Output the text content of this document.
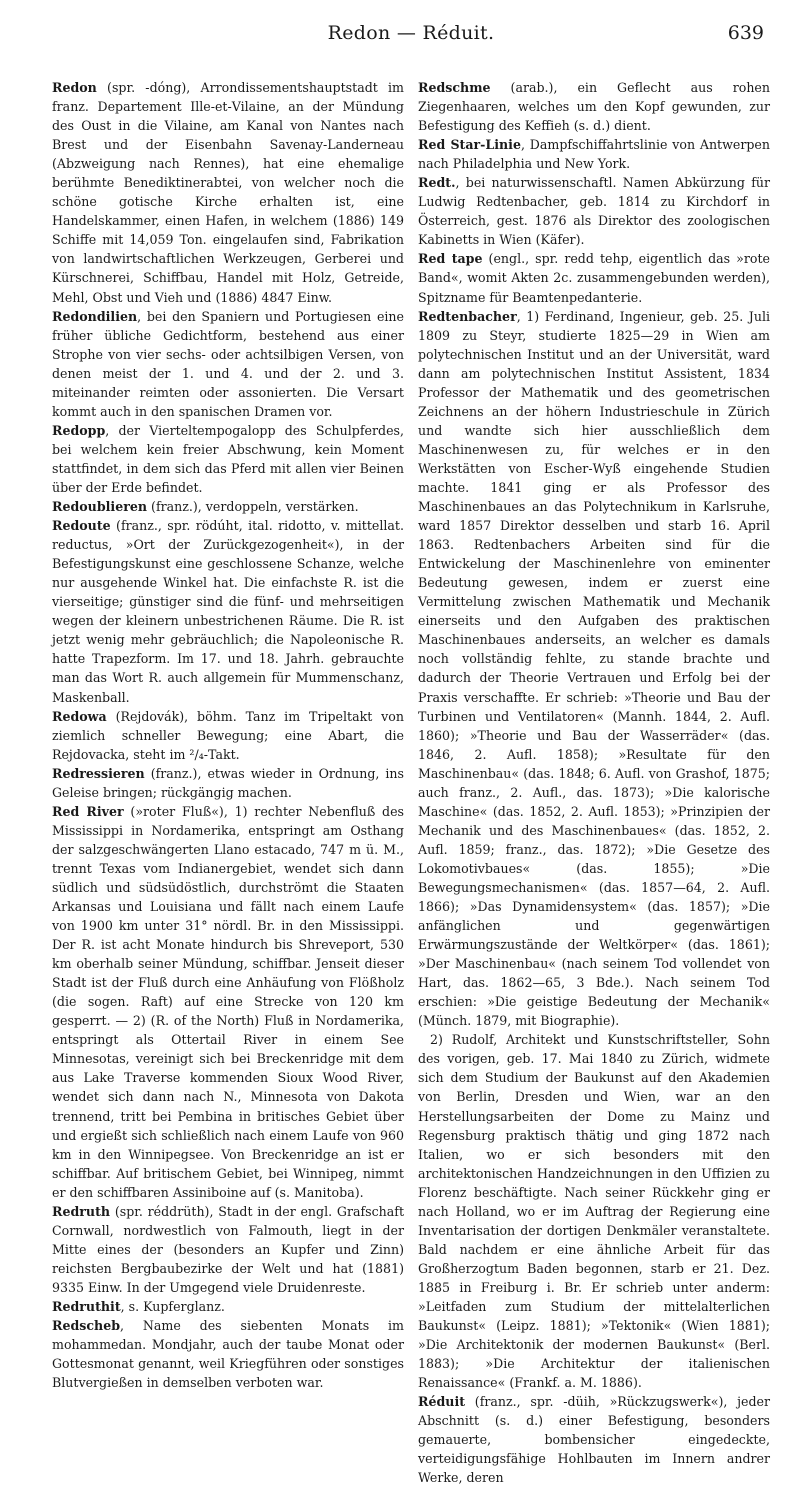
Redon — Réduit.	639

Redon (spr. ‑dóng), Arrondissementshauptstadt im franz. Departement Ille‑et‑Vilaine, an der Mündung des Oust in die Vilaine, am Kanal von Nantes nach Brest und der Eisenbahn Savenay‑Landerneau (Abzweigung nach Rennes), hat eine ehemalige berühmte Benediktinerabtei, von welcher noch die schöne gotische Kirche erhalten ist, eine Handelskammer, einen Hafen, in welchem (1886) 149 Schiffe mit 14,059 Ton. eingelaufen sind, Fabrikation von landwirtschaftlichen Werkzeugen, Gerberei und Kürschnerei, Schiffbau, Handel mit Holz, Getreide, Mehl, Obst und Vieh und (1886) 4847 Einw.

Redondilien, bei den Spaniern und Portugiesen eine früher übliche Gedichtform, bestehend aus einer Strophe von vier sechs‑ oder achtsilbigen Versen, von denen meist der 1. und 4. und der 2. und 3. miteinander reimten oder assonierten. Die Versart kommt auch in den spanischen Dramen vor.

Redopp, der Vierteltempogalopp des Schulpferdes, bei welchem kein freier Abschwung, kein Moment stattfindet, in dem sich das Pferd mit allen vier Beinen über der Erde befindet.

Redoublieren (franz.), verdoppeln, verstärken.

Redoute (franz., spr. rödúht, ital. ridotto, v. mittellat. reductus, »Ort der Zurückgezogenheit«), in der Befestigungskunst eine geschlossene Schanze, welche nur ausgehende Winkel hat. Die einfachste R. ist die vierseitige; günstiger sind die fünf‑ und mehrseitigen wegen der kleinern unbestrichenen Räume. Die R. ist jetzt wenig mehr gebräuchlich; die Napoleonische R. hatte Trapezform. Im 17. und 18. Jahrh. gebrauchte man das Wort R. auch allgemein für Mummenschanz, Maskenball.

Redowa (Rejdovák), böhm. Tanz im Tripeltakt von ziemlich schneller Bewegung; eine Abart, die Rejdovacka, steht im ²/₄‑Takt.

Redressieren (franz.), etwas wieder in Ordnung, ins Geleise bringen; rückgängig machen.

Red River (»roter Fluß«), 1) rechter Nebenfluß des Mississippi in Nordamerika, entspringt am Osthang der salzgeschwängerten Llano estacado, 747 m ü. M., trennt Texas vom Indianergebiet, wendet sich dann südlich und südsüdöstlich, durchströmt die Staaten Arkansas und Louisiana und fällt nach einem Laufe von 1900 km unter 31° nördl. Br. in den Mississippi. Der R. ist acht Monate hindurch bis Shreveport, 530 km oberhalb seiner Mündung, schiffbar. Jenseit dieser Stadt ist der Fluß durch eine Anhäufung von Flößholz (die sogen. Raft) auf eine Strecke von 120 km gesperrt. — 2) (R. of the North) Fluß in Nordamerika, entspringt als Ottertail River in einem See Minnesotas, vereinigt sich bei Breckenridge mit dem aus Lake Traverse kommenden Sioux Wood River, wendet sich dann nach N., Minnesota von Dakota trennend, tritt bei Pembina in britisches Gebiet über und ergießt sich schließlich nach einem Laufe von 960 km in den Winnipegsee. Von Breckenridge an ist er schiffbar. Auf britischem Gebiet, bei Winnipeg, nimmt er den schiffbaren Assiniboine auf (s. Manitoba).

Redruth (spr. réddrüth), Stadt in der engl. Grafschaft Cornwall, nordwestlich von Falmouth, liegt in der Mitte eines der (besonders an Kupfer und Zinn) reichsten Bergbaubezirke der Welt und hat (1881) 9335 Einw. In der Umgegend viele Druidenreste.

Redruthit, s. Kupferglanz.

Redscheb, Name des siebenten Monats im mohammedan. Mondjahr, auch der taube Monat oder Gottesmonat genannt, weil Kriegführen oder sonstiges Blutvergießen in demselben verboten war.

Redschme (arab.), ein Geflecht aus rohen Ziegenhaaren, welches um den Kopf gewunden, zur Befestigung des Keffieh (s. d.) dient.

Red Star‑Linie, Dampfschiffahrtslinie von Antwerpen nach Philadelphia und New York.

Redt., bei naturwissenschaftl. Namen Abkürzung für Ludwig Redtenbacher, geb. 1814 zu Kirchdorf in Österreich, gest. 1876 als Direktor des zoologischen Kabinetts in Wien (Käfer).

Red tape (engl., spr. redd tehp, eigentlich das »rote Band«, womit Akten 2c. zusammengebunden werden), Spitzname für Beamtenpedanterie.

Redtenbacher, 1) Ferdinand, Ingenieur, geb. 25. Juli 1809 zu Steyr, studierte 1825—29 in Wien am polytechnischen Institut und an der Universität, ward dann am polytechnischen Institut Assistent, 1834 Professor der Mathematik und des geometrischen Zeichnens an der höhern Industrieschule in Zürich und wandte sich hier ausschließlich dem Maschinenwesen zu, für welches er in den Werkstätten von Escher‑Wyß eingehende Studien machte. 1841 ging er als Professor des Maschinenbaues an das Polytechnikum in Karlsruhe, ward 1857 Direktor desselben und starb 16. April 1863. Redtenbachers Arbeiten sind für die Entwickelung der Maschinenlehre von eminenter Bedeutung gewesen, indem er zuerst eine Vermittelung zwischen Mathematik und Mechanik einerseits und den Aufgaben des praktischen Maschinenbaues anderseits, an welcher es damals noch vollständig fehlte, zu stande brachte und dadurch der Theorie Vertrauen und Erfolg bei der Praxis verschaffte. Er schrieb: »Theorie und Bau der Turbinen und Ventilatoren« (Mannh. 1844, 2. Aufl. 1860); »Theorie und Bau der Wasserräder« (das. 1846, 2. Aufl. 1858); »Resultate für den Maschinenbau« (das. 1848; 6. Aufl. von Grashof, 1875; auch franz., 2. Aufl., das. 1873); »Die kalorische Maschine« (das. 1852, 2. Aufl. 1853); »Prinzipien der Mechanik und des Maschinenbaues« (das. 1852, 2. Aufl. 1859; franz., das. 1872); »Die Gesetze des Lokomotivbaues« (das. 1855); »Die Bewegungsmechanismen« (das. 1857—64, 2. Aufl. 1866); »Das Dynamidensystem« (das. 1857); »Die anfänglichen und gegenwärtigen Erwärmungszustände der Weltkörper« (das. 1861); »Der Maschinenbau« (nach seinem Tod vollendet von Hart, das. 1862—65, 3 Bde.). Nach seinem Tod erschien: »Die geistige Bedeutung der Mechanik« (Münch. 1879, mit Biographie).

2) Rudolf, Architekt und Kunstschriftsteller, Sohn des vorigen, geb. 17. Mai 1840 zu Zürich, widmete sich dem Studium der Baukunst auf den Akademien von Berlin, Dresden und Wien, war an den Herstellungsarbeiten der Dome zu Mainz und Regensburg praktisch thätig und ging 1872 nach Italien, wo er sich besonders mit den architektonischen Handzeichnungen in den Uffizien zu Florenz beschäftigte. Nach seiner Rückkehr ging er nach Holland, wo er im Auftrag der Regierung eine Inventarisation der dortigen Denkmäler veranstaltete. Bald nachdem er eine ähnliche Arbeit für das Großherzogtum Baden begonnen, starb er 21. Dez. 1885 in Freiburg i. Br. Er schrieb unter anderm: »Leitfaden zum Studium der mittelalterlichen Baukunst« (Leipz. 1881); »Tektonik« (Wien 1881); »Die Architektonik der modernen Baukunst« (Berl. 1883); »Die Architektur der italienischen Renaissance« (Frankf. a. M. 1886).

Réduit (franz., spr. ‑düih, »Rückzugswerk«), jeder Abschnitt (s. d.) einer Befestigung, besonders gemauerte, bombensicher eingedeckte, verteidigungsfähige Hohlbauten im Innern andrer Werke, deren
